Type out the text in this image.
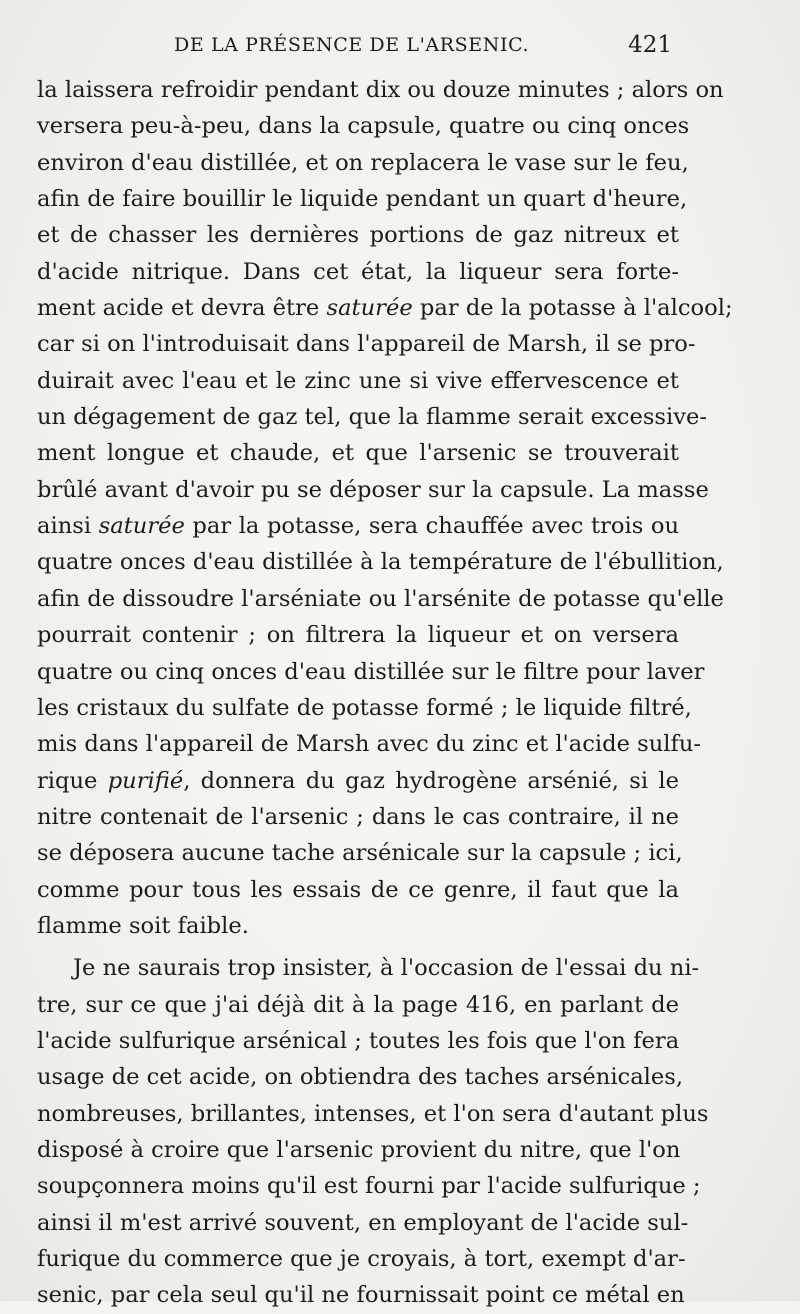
DE LA PRÉSENCE DE L'ARSENIC.	421
la laissera refroidir pendant dix ou douze minutes ; alors on
versera peu-à-peu, dans la capsule, quatre ou cinq onces
environ d'eau distillée, et on replacera le vase sur le feu,
afin de faire bouillir le liquide pendant un quart d'heure,
et de chasser les dernières portions de gaz nitreux et
d'acide nitrique. Dans cet état, la liqueur sera forte-
ment acide et devra être saturée par de la potasse à l'alcool;
car si on l'introduisait dans l'appareil de Marsh, il se pro-
duirait avec l'eau et le zinc une si vive effervescence et
un dégagement de gaz tel, que la flamme serait excessive-
ment longue et chaude, et que l'arsenic se trouverait
brûlé avant d'avoir pu se déposer sur la capsule. La masse
ainsi saturée par la potasse, sera chauffée avec trois ou
quatre onces d'eau distillée à la température de l'ébullition,
afin de dissoudre l'arséniate ou l'arsénite de potasse qu'elle
pourrait contenir ; on filtrera la liqueur et on versera
quatre ou cinq onces d'eau distillée sur le filtre pour laver
les cristaux du sulfate de potasse formé ; le liquide filtré,
mis dans l'appareil de Marsh avec du zinc et l'acide sulfu-
rique purifié, donnera du gaz hydrogène arsénié, si le
nitre contenait de l'arsenic ; dans le cas contraire, il ne
se déposera aucune tache arsénicale sur la capsule ; ici,
comme pour tous les essais de ce genre, il faut que la
flamme soit faible.
Je ne saurais trop insister, à l'occasion de l'essai du ni-
tre, sur ce que j'ai déjà dit à la page 416, en parlant de
l'acide sulfurique arsénical ; toutes les fois que l'on fera
usage de cet acide, on obtiendra des taches arsénicales,
nombreuses, brillantes, intenses, et l'on sera d'autant plus
disposé à croire que l'arsenic provient du nitre, que l'on
soupçonnera moins qu'il est fourni par l'acide sulfurique ;
ainsi il m'est arrivé souvent, en employant de l'acide sul-
furique du commerce que je croyais, à tort, exempt d'ar-
senic, par cela seul qu'il ne fournissait point ce métal en
